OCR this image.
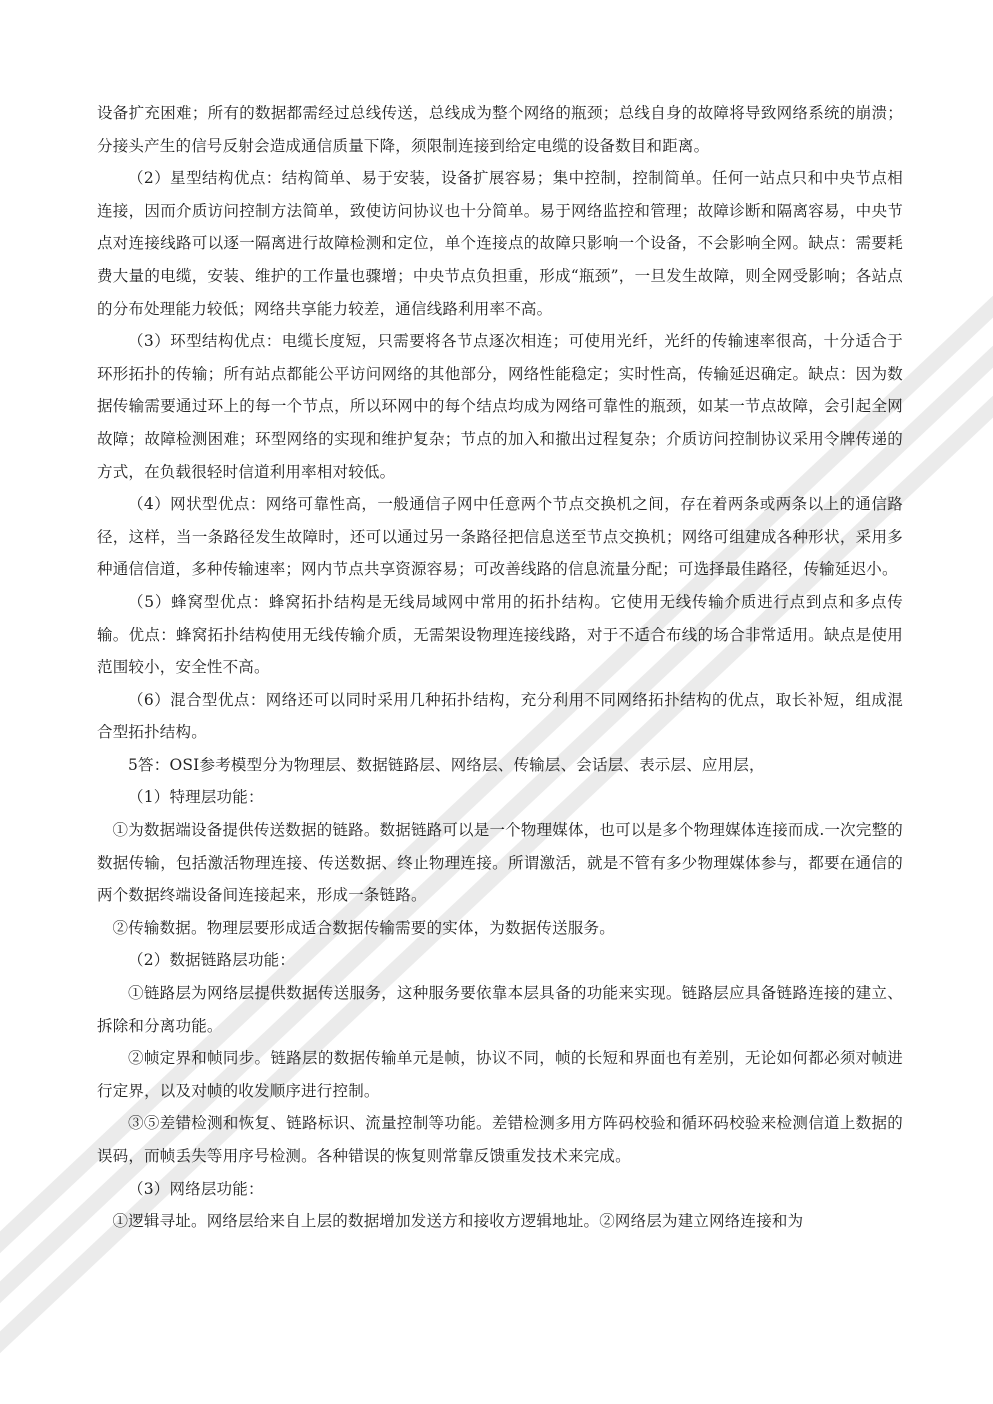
设备扩充困难；所有的数据都需经过总线传送，总线成为整个网络的瓶颈；总线自身的故障将导致网络系统的崩溃；分接头产生的信号反射会造成通信质量下降，须限制连接到给定电缆的设备数目和距离。

（2）星型结构优点：结构简单、易于安装，设备扩展容易；集中控制，控制简单。任何一站点只和中央节点相连接，因而介质访问控制方法简单，致使访问协议也十分简单。易于网络监控和管理；故障诊断和隔离容易，中央节点对连接线路可以逐一隔离进行故障检测和定位，单个连接点的故障只影响一个设备，不会影响全网。缺点：需要耗费大量的电缆，安装、维护的工作量也骤增；中央节点负担重，形成“瓶颈”，一旦发生故障，则全网受影响；各站点的分布处理能力较低；网络共享能力较差，通信线路利用率不高。

（3）环型结构优点：电缆长度短，只需要将各节点逐次相连；可使用光纤，光纤的传输速率很高，十分适合于环形拓扑的传输；所有站点都能公平访问网络的其他部分，网络性能稳定；实时性高，传输延迟确定。缺点：因为数据传输需要通过环上的每一个节点，所以环网中的每个结点均成为网络可靠性的瓶颈，如某一节点故障，会引起全网故障；故障检测困难；环型网络的实现和维护复杂；节点的加入和撤出过程复杂；介质访问控制协议采用令牌传递的方式，在负载很轻时信道利用率相对较低。

（4）网状型优点：网络可靠性高，一般通信子网中任意两个节点交换机之间，存在着两条或两条以上的通信路径，这样，当一条路径发生故障时，还可以通过另一条路径把信息送至节点交换机；网络可组建成各种形状，采用多种通信信道，多种传输速率；网内节点共享资源容易；可改善线路的信息流量分配；可选择最佳路径，传输延迟小。

（5）蜂窝型优点：蜂窝拓扑结构是无线局域网中常用的拓扑结构。它使用无线传输介质进行点到点和多点传输。优点：蜂窝拓扑结构使用无线传输介质，无需架设物理连接线路，对于不适合布线的场合非常适用。缺点是使用范围较小，安全性不高。

（6）混合型优点：网络还可以同时采用几种拓扑结构，充分利用不同网络拓扑结构的优点，取长补短，组成混合型拓扑结构。

5答：OSI参考模型分为物理层、数据链路层、网络层、传输层、会话层、表示层、应用层，

（1）特理层功能：

①为数据端设备提供传送数据的链路。数据链路可以是一个物理媒体，也可以是多个物理媒体连接而成.一次完整的数据传输，包括激活物理连接、传送数据、终止物理连接。所谓激活，就是不管有多少物理媒体参与，都要在通信的两个数据终端设备间连接起来，形成一条链路。

②传输数据。物理层要形成适合数据传输需要的实体，为数据传送服务。

（2）数据链路层功能：

①链路层为网络层提供数据传送服务，这种服务要依靠本层具备的功能来实现。链路层应具备链路连接的建立、拆除和分离功能。

②帧定界和帧同步。链路层的数据传输单元是帧，协议不同，帧的长短和界面也有差别，无论如何都必须对帧进行定界，以及对帧的收发顺序进行控制。

③⑤差错检测和恢复、链路标识、流量控制等功能。差错检测多用方阵码校验和循环码校验来检测信道上数据的误码，而帧丢失等用序号检测。各种错误的恢复则常靠反馈重发技术来完成。

（3）网络层功能：

①逻辑寻址。网络层给来自上层的数据增加发送方和接收方逻辑地址。②网络层为建立网络连接和为
